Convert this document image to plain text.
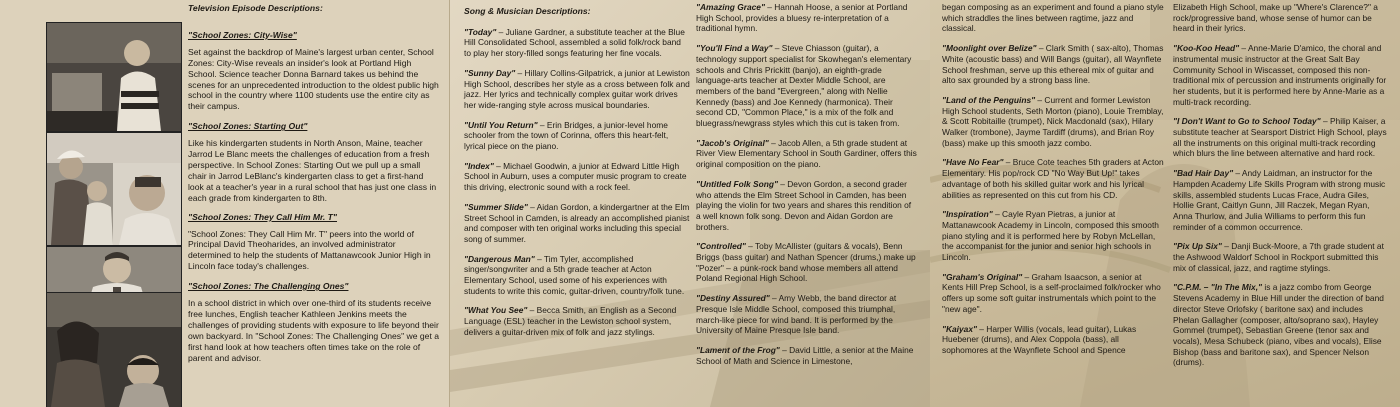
Television Episode Descriptions:
"School Zones: City-Wise"

Set against the backdrop of Maine's largest urban center, School Zones: City-Wise reveals an insider's look at Portland High School. Science teacher Donna Barnard takes us behind the scenes for an unprecedented introduction to the oldest public high school in the country where 1100 students use the entire city as their campus.

"School Zones: Starting Out"

Like his kindergarten students in North Anson, Maine, teacher Jarrod Le Blanc meets the challenges of education from a fresh perspective. In School Zones: Starting Out we pull up a small chair in Jarrod LeBlanc's kindergarten class to get a first-hand look at a teacher's year in a rural school that has just one class in each grade from kindergarten to 8th.

"School Zones: They Call Him Mr. T"

"School Zones: They Call Him Mr. T" peers into the world of Principal David Theoharides, an involved administrator determined to help the students of Mattanawcook Junior High in Lincoln face today's challenges.

"School Zones: The Challenging Ones"

In a school district in which over one-third of its students receive free lunches, English teacher Kathleen Jenkins meets the challenges of providing students with exposure to life beyond their own backyard. In "School Zones: The Challenging Ones" we get a first hand look at how teachers often times take on the role of parent and advisor.

Song & Musician Descriptions:
"Today" – Juliane Gardner, a substitute teacher at the Blue Hill Consolidated School, assembled a solid folk/rock band to play her story-filled songs featuring her fine vocals.
"Sunny Day" – Hillary Collins-Gilpatrick, a junior at Lewiston High School, describes her style as a cross between folk and jazz. Her lyrics and technically complex guitar work drives her wide-ranging style across musical boundaries.
"Until You Return" – Erin Bridges, a junior-level home schooler from the town of Corinna, offers this heart-felt, lyrical piece on the piano.
"Index" – Michael Goodwin, a junior at Edward Little High School in Auburn, uses a computer music program to create this driving, electronic sound with a rock feel.
"Summer Slide" – Aidan Gordon, a kindergartner at the Elm Street School in Camden, is already an accomplished pianist and composer with ten original works including this special song of summer.
"Dangerous Man" – Tim Tyler, accomplished singer/songwriter and a 5th grade teacher at Acton Elementary School, used some of his experiences with students to write this comic, guitar-driven, country/folk tune.
"What You See" – Becca Smith, an English as a Second Language (ESL) teacher in the Lewiston school system, delivers a guitar-driven mix of folk and jazz stylings.
"Amazing Grace" – Hannah Hoose, a senior at Portland High School, provides a bluesy re-interpretation of a traditional hymn.
"You'll Find a Way" – Steve Chiasson (guitar), a technology support specialist for Skowhegan's elementary schools and Chris Prickitt (banjo), an eighth-grade language-arts teacher at Dexter Middle School, are members of the band "Evergreen," along with Nellie Kennedy (bass) and Joe Kennedy (harmonica). Their second CD, "Common Place," is a mix of the folk and bluegrass/newgrass styles which this cut is taken from.
"Jacob's Original" – Jacob Allen, a 5th grade student at River View Elementary School in South Gardiner, offers this original composition on the piano.
"Untitled Folk Song" – Devon Gordon, a second grader who attends the Elm Street School in Camden, has been playing the violin for two years and shares this rendition of a well known folk song. Devon and Aidan Gordon are brothers.
"Controlled" – Toby McAllister (guitars & vocals), Benn Briggs (bass guitar) and Nathan Spencer (drums,) make up "Pozer" – a punk-rock band whose members all attend Poland Regional High School.
"Destiny Assured" – Amy Webb, the band director at Presque Isle Middle School, composed this triumphal, march-like piece for wind band. It is performed by the University of Maine Presque Isle band.
"Lament of the Frog" – David Little, a senior at the Maine School of Math and Science in Limestone,
began composing as an experiment and found a piano style which straddles the lines between ragtime, jazz and classical.
"Moonlight over Belize" – Clark Smith ( sax-alto), Thomas White (acoustic bass) and Will Bangs (guitar), all Waynflete School freshman, serve up this ethereal mix of guitar and alto sax grounded by a strong bass line.
"Land of the Penguins" – Current and former Lewiston High School students, Seth Morton (piano), Louie Tremblay, & Scott Robitaille (trumpet), Nick Macdonald (sax), Hilary Walker (trombone), Jayme Tardiff (drums), and Brian Roy (bass) make up this smooth jazz combo.
"Have No Fear" – Bruce Cote teaches 5th graders at Acton Elementary. His pop/rock CD "No Way But Up!" takes advantage of both his skilled guitar work and his lyrical abilities as represented on this cut from his CD.
"Inspiration" – Cayle Ryan Pietras, a junior at Mattanawcook Academy in Lincoln, composed this smooth piano styling and it is performed here by Robyn McLellan, the accompanist for the junior and senior high schools in Lincoln.
"Graham's Original" – Graham Isaacson, a senior at Kents Hill Prep School, is a self-proclaimed folk/rocker who offers up some soft guitar instrumentals which point to the "new age".
"Kaiyax" – Harper Willis (vocals, lead guitar), Lukas Huebener (drums), and Alex Coppola (bass), all sophomores at the Waynflete School and Spence
Elizabeth High School, make up "Where's Clarence?" a rock/progressive band, whose sense of humor can be heard in their lyrics.
"Koo-Koo Head" – Anne-Marie D'amico, the choral and instrumental music instructor at the Great Salt Bay Community School in Wiscasset, composed this non-traditional mix of percussion and instruments originally for her students, but it is performed here by Anne-Marie as a multi-track recording.
"I Don't Want to Go to School Today" – Philip Kaiser, a substitute teacher at Searsport District High School, plays all the instruments on this original multi-track recording which blurs the line between alternative and hard rock.
"Bad Hair Day" – Andy Laidman, an instructor for the Hampden Academy Life Skills Program with strong music skills, assembled students Lucas Frace, Audra Giles, Hollie Grant, Caitlyn Gunn, Jill Raczek, Megan Ryan, Anna Thurlow, and Julia Williams to perform this fun reminder of a common occurrence.
"Pix Up Six" – Danji Buck-Moore, a 7th grade student at the Ashwood Waldorf School in Rockport submitted this mix of classical, jazz, and ragtime stylings.
"C.P.M. – "In The Mix," is a jazz combo from George Stevens Academy in Blue Hill under the direction of band director Steve Orlofsky ( baritone sax) and includes Phelan Gallagher (composer, alto/soprano sax), Hayley Gommel (trumpet), Sebastian Greene (tenor sax and vocals), Mesa Schubeck (piano, vibes and vocals), Elise Bishop (bass and baritone sax), and Spencer Nelson (drums).
